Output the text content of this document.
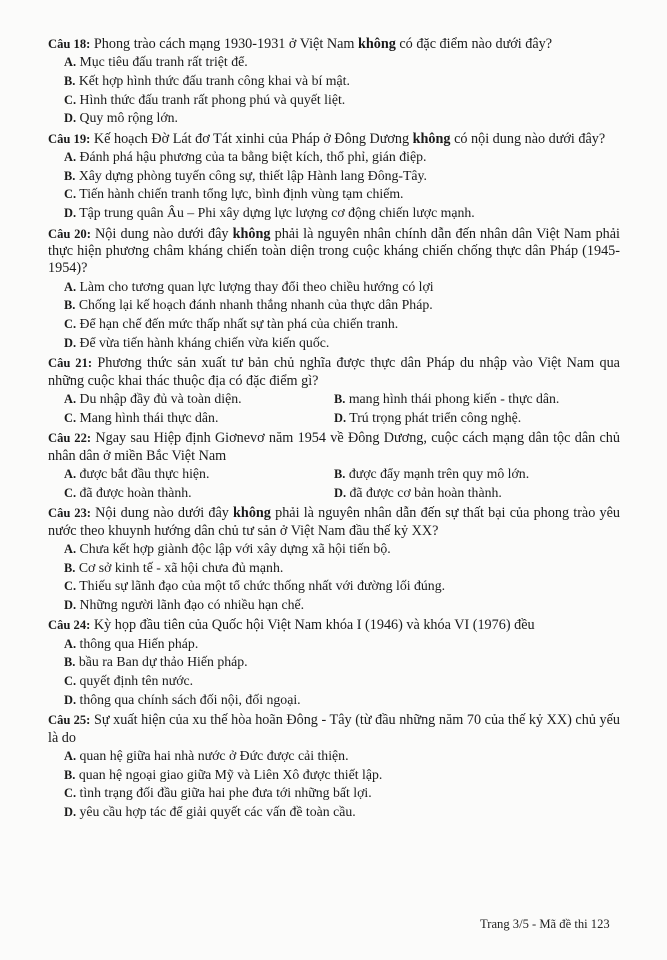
Câu 18: Phong trào cách mạng 1930-1931 ở Việt Nam không có đặc điểm nào dưới đây?
A. Mục tiêu đấu tranh rất triệt để.
B. Kết hợp hình thức đấu tranh công khai và bí mật.
C. Hình thức đấu tranh rất phong phú và quyết liệt.
D. Quy mô rộng lớn.
Câu 19: Kế hoạch Đờ Lát đơ Tát xinhi của Pháp ở Đông Dương không có nội dung nào dưới đây?
A. Đánh phá hậu phương của ta bằng biệt kích, thổ phỉ, gián điệp.
B. Xây dựng phòng tuyến công sự, thiết lập Hành lang Đông-Tây.
C. Tiến hành chiến tranh tổng lực, bình định vùng tạm chiếm.
D. Tập trung quân Âu – Phi xây dựng lực lượng cơ động chiến lược mạnh.
Câu 20: Nội dung nào dưới đây không phải là nguyên nhân chính dẫn đến nhân dân Việt Nam phải thực hiện phương châm kháng chiến toàn diện trong cuộc kháng chiến chống thực dân Pháp (1945-1954)?
A. Làm cho tương quan lực lượng thay đổi theo chiều hướng có lợi
B. Chống lại kế hoạch đánh nhanh thắng nhanh của thực dân Pháp.
C. Để hạn chế đến mức thấp nhất sự tàn phá của chiến tranh.
D. Để vừa tiến hành kháng chiến vừa kiến quốc.
Câu 21: Phương thức sản xuất tư bản chủ nghĩa được thực dân Pháp du nhập vào Việt Nam qua những cuộc khai thác thuộc địa có đặc điểm gì?
A. Du nhập đầy đủ và toàn diện.	B. mang hình thái phong kiến - thực dân.
C. Mang hình thái thực dân.	D. Trú trọng phát triển công nghệ.
Câu 22: Ngay sau Hiệp định Giơnevơ năm 1954 về Đông Dương, cuộc cách mạng dân tộc dân chủ nhân dân ở miền Bắc Việt Nam
A. được bắt đầu thực hiện.	B. được đẩy mạnh trên quy mô lớn.
C. đã được hoàn thành.	D. đã được cơ bản hoàn thành.
Câu 23: Nội dung nào dưới đây không phải là nguyên nhân dẫn đến sự thất bại của phong trào yêu nước theo khuynh hướng dân chủ tư sản ở Việt Nam đầu thế kỷ XX?
A. Chưa kết hợp giành độc lập với xây dựng xã hội tiến bộ.
B. Cơ sở kinh tế - xã hội chưa đủ mạnh.
C. Thiếu sự lãnh đạo của một tổ chức thống nhất với đường lối đúng.
D. Những người lãnh đạo có nhiều hạn chế.
Câu 24: Kỳ họp đầu tiên của Quốc hội Việt Nam khóa I (1946) và khóa VI (1976) đều
A. thông qua Hiến pháp.
B. bầu ra Ban dự thảo Hiến pháp.
C. quyết định tên nước.
D. thông qua chính sách đối nội, đối ngoại.
Câu 25: Sự xuất hiện của xu thế hòa hoãn Đông - Tây (từ đầu những năm 70 của thế kỷ XX) chủ yếu là do
A. quan hệ giữa hai nhà nước ở Đức được cải thiện.
B. quan hệ ngoại giao giữa Mỹ và Liên Xô được thiết lập.
C. tình trạng đối đầu giữa hai phe đưa tới những bất lợi.
D. yêu cầu hợp tác để giải quyết các vấn đề toàn cầu.
Trang 3/5 - Mã đề thi 123
